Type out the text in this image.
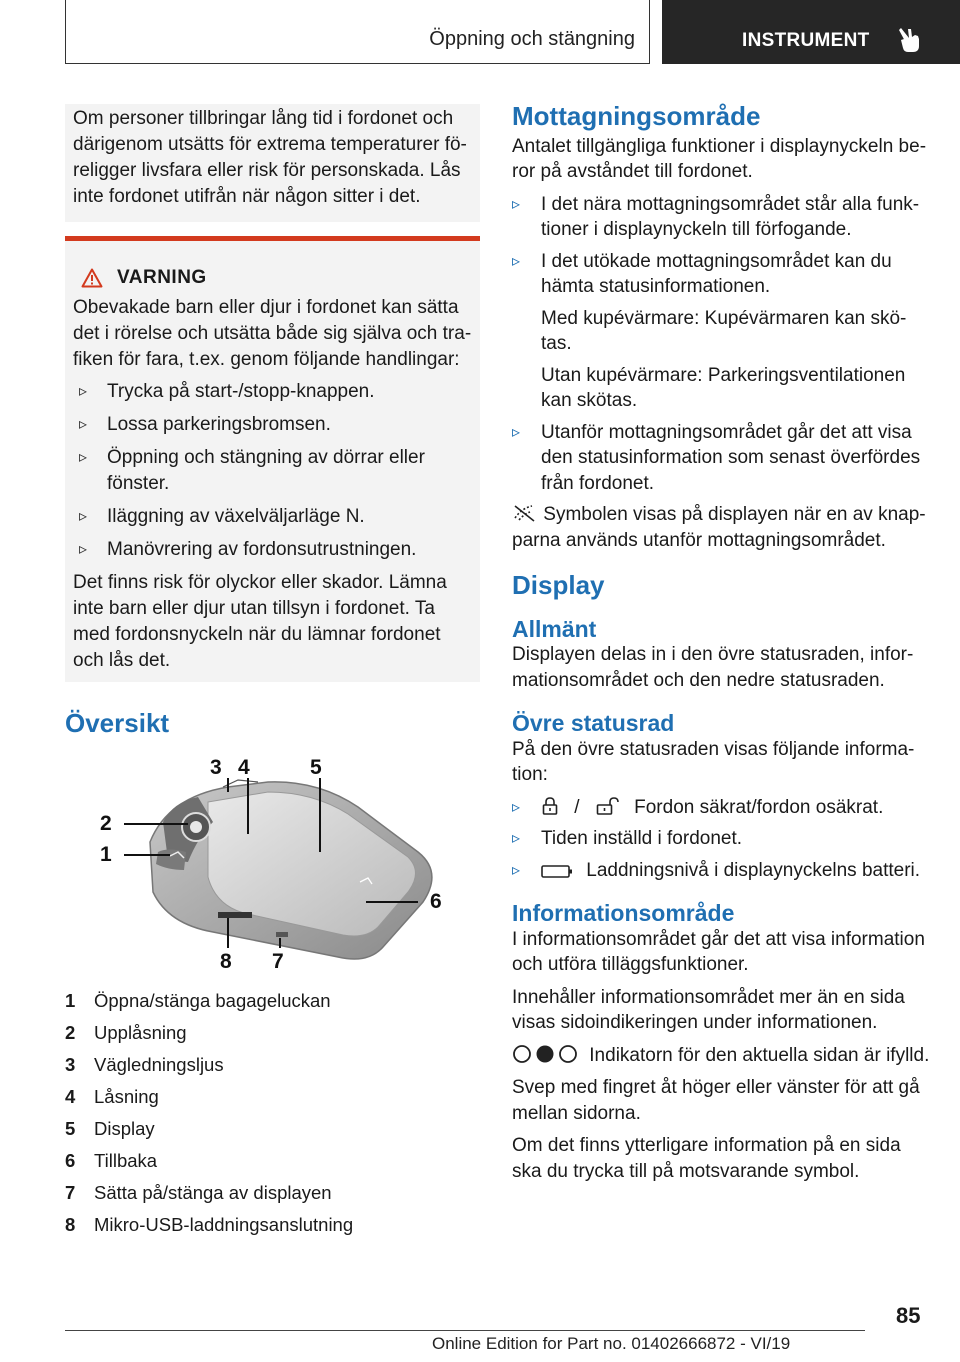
Öppning och stängning	INSTRUMENT

Om personer tillbringar lång tid i fordonet och därigenom utsätts för extrema temperaturer fö‐ religger livsfara eller risk för personskada. Lås inte fordonet utifrån när någon sitter i det.

VARNING

Obevakade barn eller djur i fordonet kan sätta det i rörelse och utsätta både sig själva och tra‐ fiken för fara, t.ex. genom följande handlingar:

▹ Trycka på start-/stopp-knappen.
▹ Lossa parkeringsbromsen.
▹ Öppning och stängning av dörrar eller fönster.
▹ Iläggning av växelväljarläge N.
▹ Manövrering av fordonsutrustningen.

Det finns risk för olyckor eller skador. Lämna inte barn eller djur utan tillsyn i fordonet. Ta med fordonsnyckeln när du lämnar fordonet och lås det.

Översikt
3 4	5
2
1
6
8 7
1	Öppna/stänga bagageluckan
2	Upplåsning
3	Vägledningsljus
4	Låsning
5	Display
6	Tillbaka
7	Sätta på/stänga av displayen
8	Mikro-USB-laddningsanslutning
Mottagningsområde

Antalet tillgängliga funktioner i displaynyckeln be‐ ror på avståndet till fordonet.

▹ I det nära mottagningsområdet står alla funk‐ tioner i displaynyckeln till förfogande.
▹ I det utökade mottagningsområdet kan du hämta statusinformationen.
Med kupévärmare: Kupévärmaren kan skö‐ tas.
Utan kupévärmare: Parkeringsventilationen kan skötas.
▹ Utanför mottagningsområdet går det att visa den statusinformation som senast överfördes från fordonet.

Symbolen visas på displayen när en av knap‐ parna används utanför mottagningsområdet.

Display
Allmänt

Displayen delas in i den övre statusraden, infor‐ mationsområdet och den nedre statusraden.

Övre statusrad

På den övre statusraden visas följande informa‐ tion:

▹ /	Fordon säkrat/fordon osäkrat.
▹ Tiden inställd i fordonet.
▹ Laddningsnivå i displaynyckelns batteri.
Informationsområde

I informationsområdet går det att visa information och utföra tilläggsfunktioner.

Innehåller informationsområdet mer än en sida visas sidoindikeringen under informationen.

Indikatorn för den aktuella sidan är ifylld.

Svep med fingret åt höger eller vänster för att gå mellan sidorna.

Om det finns ytterligare information på en sida ska du trycka till på motsvarande symbol.

85
Online Edition for Part no. 01402666872 - VI/19
